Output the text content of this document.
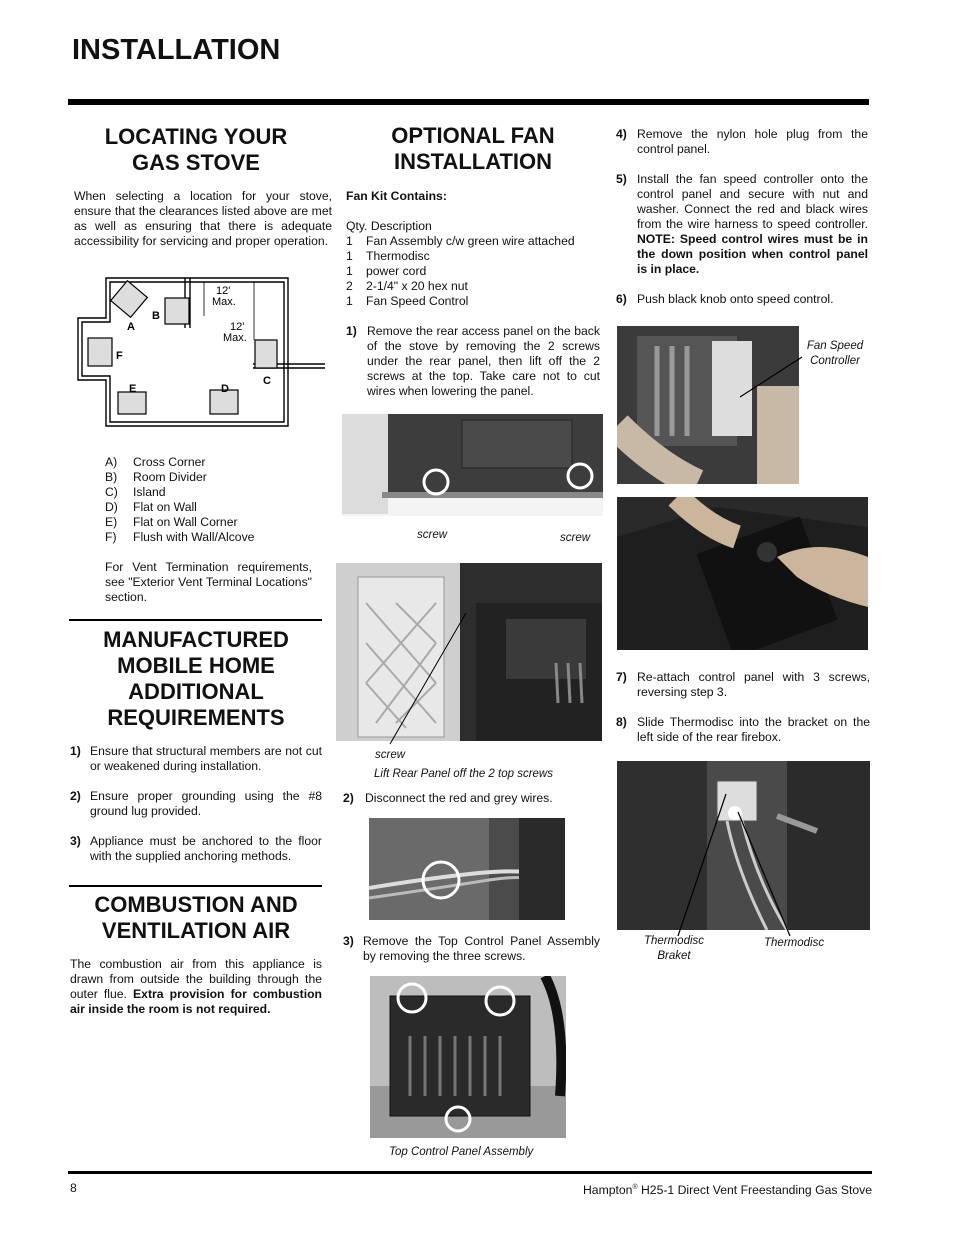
INSTALLATION
LOCATING YOUR
GAS STOVE
When selecting a location for your stove, ensure that the clearances listed above are met as well as ensuring that there is adequate accessibility for servicing and proper operation.
A
B
C
D
E
F
12'
Max.
12'
Max.
A) Cross Corner
B) Room Divider
C) Island
D) Flat on Wall
E) Flat on Wall Corner
F) Flush with Wall/Alcove
For Vent Termination requirements, see "Exterior Vent Terminal Locations" section.
MANUFACTURED
MOBILE HOME
ADDITIONAL
REQUIREMENTS
1) Ensure that structural members are not cut or weakened during installation.
2) Ensure proper grounding using the #8 ground lug provided.
3) Appliance must be anchored to the floor with the supplied anchoring methods.
COMBUSTION AND
VENTILATION AIR
The combustion air from this appliance is drawn from outside the building through the outer flue. Extra provision for combustion air inside the room is not required.
OPTIONAL FAN
INSTALLATION
Fan Kit Contains:
Qty. Description
1 Fan Assembly c/w green wire attached
1 Thermodisc
1 power cord
2 2-1/4" x 20 hex nut
1 Fan Speed Control
1) Remove the rear access panel on the back of the stove by removing the 2 screws under the rear panel, then lift off the 2 screws at the top. Take care not to cut wires when lowering the panel.
screw	screw
screw
Lift Rear Panel off the 2 top screws
2) Disconnect the red and grey wires.
3) Remove the Top Control Panel Assembly by removing the three screws.
Top Control Panel Assembly
4) Remove the nylon hole plug from the control panel.
5) Install the fan speed controller onto the control panel and secure with nut and washer. Connect the red and black wires from the wire harness to speed controller. NOTE: Speed control wires must be in the down position when control panel is in place.
6) Push black knob onto speed control.
Fan Speed Controller
7) Re-attach control panel with 3 screws, reversing step 3.
8) Slide Thermodisc into the bracket on the left side of the rear firebox.
Thermodisc Braket
Thermodisc
8	Hampton® H25-1 Direct Vent Freestanding Gas Stove
